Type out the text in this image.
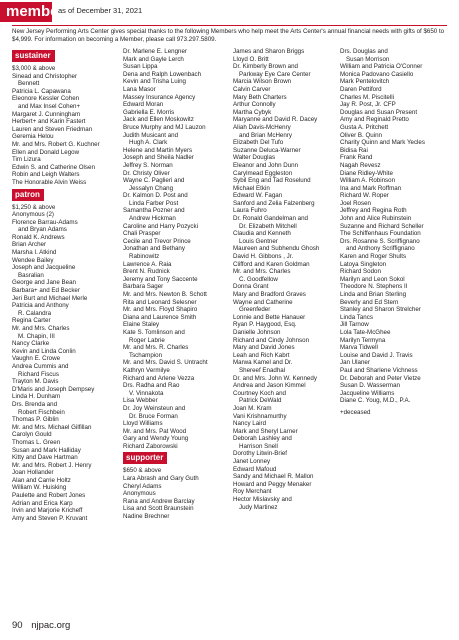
members
as of December 31, 2021
New Jersey Performing Arts Center gives special thanks to the following Members who help meet the Arts Center's annual financial needs with gifts of $650 to $4,999. For information on becoming a Member, please call 973.297.5809.
sustainer
$3,000 & above
Sinead and Christopher
Bennett
Patricia L. Capawana
Eleonore Kessler Cohen
and Max Insel Cohen+
Margaret J. Cunningham
Herbert+ and Karin Fastert
Lauren and Steven Friedman
Geremia Helou
Mr. and Mrs. Robert G. Kuchner
Ellen and Donald Legow
Tim Lizura
Edwin S. and Catherine Olsen
Robin and Leigh Walters
The Honorable Alvin Weiss
patron
$1,250 & above
Anonymous (2)
Florence Barrau-Adams
and Bryan Adams
Ronald K. Andrews
Brian Archer
Marsha I. Atkind
Wendee Bailey
Joseph and Jacqueline
Basralian
George and Jane Bean
Barbara+ and Ed Becker
Jeri Burt and Michael Merle
Patricia and Anthony
R. Calandra
Regina Carter
Mr. and Mrs. Charles
M. Chapin, III
Nancy Clarke
Kevin and Linda Conlin
Vaughn E. Crowe
Andrea Cummis and
Richard Fiscus
Trayton M. Davis
D'Maris and Joseph Dempsey
Linda H. Dunham
Drs. Brenda and
Robert Fischbein
Thomas P. Giblin
Mr. and Mrs. Michael Gilfillan
Carolyn Gould
Thomas L. Green
Susan and Mark Halliday
Kitty and Dave Hartman
Mr. and Mrs. Robert J. Henry
Joan Hollander
Alan and Carrie Holtz
William W. Huisking
Paulette and Robert Jones
Adrian and Erica Karp
Irvin and Marjorie Kricheff
Amy and Steven P. Kruvant
Dr. Marlene E. Lengner
Mark and Gayle Lerch
Susan Lippa
Dena and Ralph Lowenbach
Kevin and Trisha Luing
Lana Masor
Massey Insurance Agency
Edward Moran
Gabriella E. Morris
Jack and Ellen Moskowitz
Bruce Murphy and MJ Lauzon
Judith Musicant and
Hugh A. Clark
Helene and Martin Myers
Joseph and Sheila Nadler
Jeffrey S. Norman
Dr. Christy Oliver
Wayne C. Paglieri and
Jessalyn Chang
Dr. Kalmon D. Post and
Linda Farber Post
Samantha Pozner and
Andrew Hickman
Caroline and Harry Pozycki
Chali Prasper
Cecile and Trevor Prince
Jonathan and Bethany
Rabinowitz
Lawrence A. Raia
Brent N. Rudnick
Jeremy and Tony Saccente
Barbara Sager
Mr. and Mrs. Newton B. Schott
Rita and Leonard Selesner
Mr. and Mrs. Floyd Shapiro
Diana and Laurence Smith
Elaine Staley
Kate S. Tomlinson and
Roger Labrie
Mr. and Mrs. R. Charles
Tschampion
Mr. and Mrs. David S. Untracht
Kathryn Vermilye
Richard and Arlene Vezza
Drs. Radha and Rao
V. Vinnakota
Lisa Webber
Dr. Joy Weinsteun and
Dr. Bruce Forman
Lloyd Williams
Mr. and Mrs. Pat Wood
Gary and Wendy Young
Richard Zaborowski
supporter
$650 & above
Lara Abrash and Gary Guth
Cheryl Adams
Anonymous
Rana and Andrew Barclay
Lisa and Scott Braunstein
Nadine Brechner
James and Sharon Briggs
Lloyd O. Britt
Dr. Kimberly Brown and
Parkway Eye Care Center
Marcia Wilson Brown
Calvin Carver
Mary Beth Charters
Arthur Connolly
Martha Cybyk
Maryanne and David R. Dacey
Aliah Davis-McHenry
and Brian McHenry
Elizabeth Del Tufo
Suzanne Deluca-Warner
Walter Douglas
Eleanor and John Dunn
Carylmead Eggleston
Sybil Eng and Tad Roselund
Michael Etkin
Edward W. Fagan
Sanford and Zelia Falzenberg
Laura Fuhro
Dr. Ronald Gandelman and
Dr. Elizabeth Mitchell
Claudia and Kenneth
Louis Gentner
Maureen and Subhendu Ghosh
David H. Gibbons , Jr.
Clifford and Karen Goldman
Mr. and Mrs. Charles
C. Goodfellow
Donna Grant
Mary and Bradford Graves
Wayne and Catherine
Greenfeder
Lonnie and Bette Hanauer
Ryan P. Haygood, Esq.
Danielle Johnson
Richard and Cindy Johnson
Mary and David Jones
Leah and Rich Kabrt
Marwa Kamel and Dr.
Shereef Enadhal
Dr. and Mrs. John W. Kennedy
Andrea and Jason Kimmel
Courtney Koch and
Patrick DeWald
Joan M. Kram
Vani Krishnamurthy
Nancy Laird
Mark and Sheryl Larner
Deborah Lashley and
Harrison Snell
Dorothy Litwin-Brief
Janet Lonney
Edward Mafoud
Sandy and Michael R. Mallon
Howard and Peggy Menaker
Roy Merchant
Hector Mislavsky and
Judy Martinez
Drs. Douglas and
Susan Morrison
William and Patricia O'Conner
Monica Padovano Casiello
Mark Pentelovitch
Daren Pettiford
Charles M. Piscitelli
Jay R. Post, Jr. CFP
Douglas and Susan Present
Amy and Reginald Pretto
Gusta A. Pritchett
Oliver B. Quinn
Charity Quinn and Mark Yecles
Bidisa Rai
Frank Rand
Nagah Revesz
Diane Ridley-White
William A. Robinson
Ina and Mark Roffman
Richard W. Roper
Joel Rosen
Jeffrey and Regina Roth
John and Alice Rubinstein
Suzanne and Richard Scheller
The Schiffenhaus Foundation
Drs. Rosanne S. Scriffignano
and Anthony Scriffignano
Karen and Roger Shults
Latoya Singleton
Richard Sodon
Marilyn and Leon Sokol
Theodore N. Stephens II
Linda and Brian Sterling
Beverly and Ed Stern
Stanley and Sharon Strelcher
Linda Tancs
Jill Tarnow
Lola Tate-McGhee
Marilyn Termyna
Marva Tidwell
Louise and David J. Travis
Jan Ulaner
Paul and Sharlene Vichness
Dr. Deborah and Peter Vietze
Susan D. Wasserman
Jacqueline Williams
Diane C. Youg, M.D., P.A.
+deceased
90 njpac.org
